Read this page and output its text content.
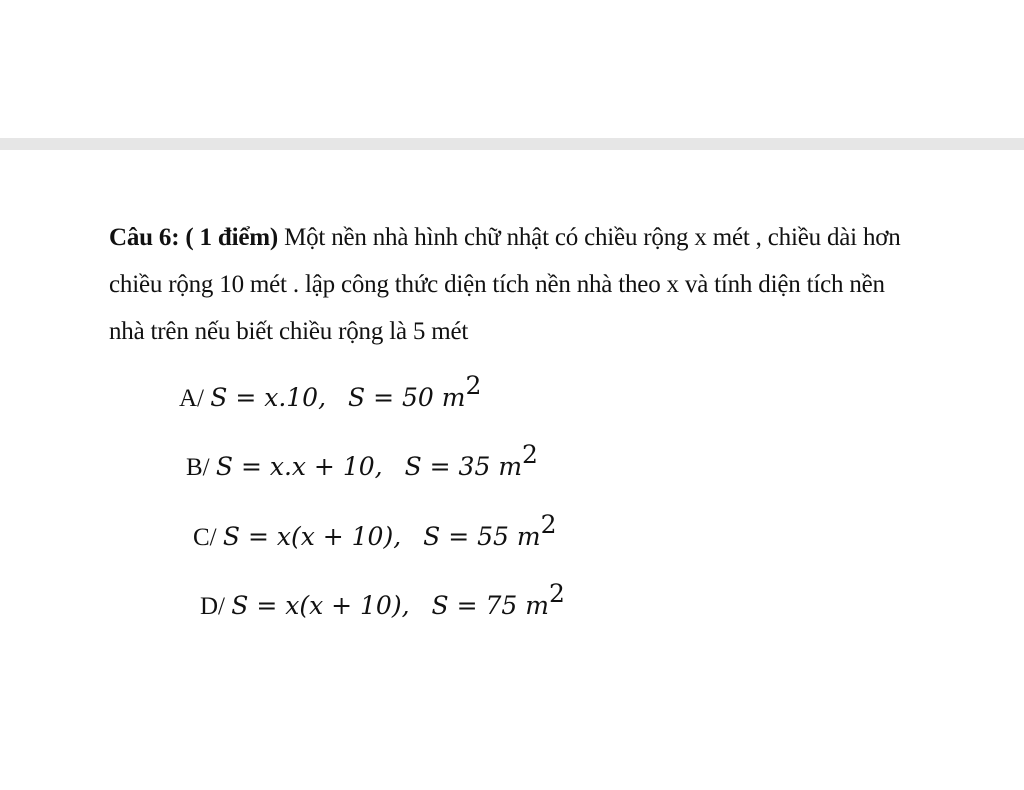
Câu 6: ( 1 điểm) Một nền nhà hình chữ nhật có chiều rộng x mét , chiều dài hơn
chiều rộng 10 mét . lập công thức diện tích nền nhà theo x và tính diện tích nền
nhà trên nếu biết chiều rộng là 5 mét
A/ S = x.10, S = 50 $m^2$
B/ S = x.x + 10, S = 35 $m^2$
C/ S = x(x + 10), S = 55 $m^2$
D/ S = x(x + 10), S = 75 $m^2$
